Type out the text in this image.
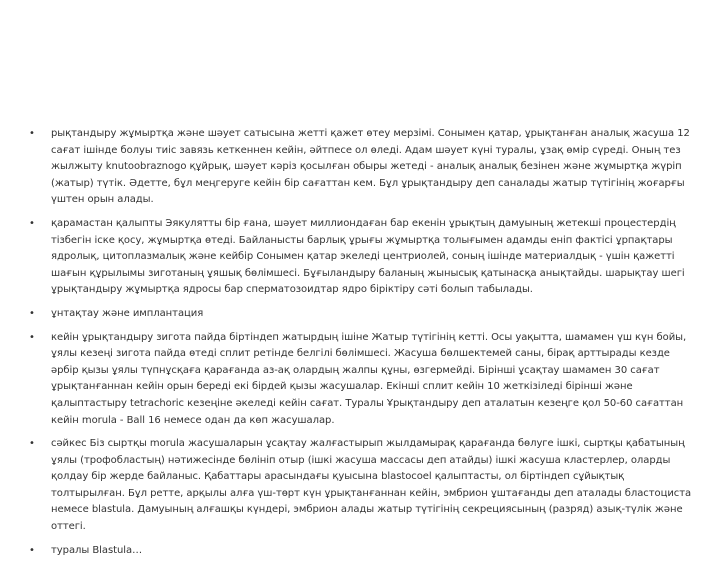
•	рықтандыру жұмыртқа және шәует сатысына жетті қажет өтеу мерзімі. Сонымен қатар, ұрықтанған аналық жасуша 12 сағат ішінде болуы тиіс завязь кеткеннен кейін, әйтпесе ол өледі. Адам шәует күні туралы, ұзақ өмір сүреді. Оның тез жылжыту knutoobraznogo құйрық, шәует кәріз қосылған обыры жетеді - аналық аналық безінен және жұмыртқа жүріп (жатыр) түтік. Әдетте, бұл меңгеруге кейін бір сағаттан кем. Бұл ұрықтандыру деп саналады жатыр түтігінің жоғарғы үштен орын алады.
•	қарамастан қалыпты Эякулятты бір ғана, шәует миллиондаған бар екенін ұрықтың дамуының жетекші процестердің тізбегін іске қосу, жұмыртқа өтеді. Байланысты барлық ұрығы жұмыртқа толығымен адамды еніп фактісі ұрпақтары ядролық, цитоплазмалық және кейбір Сонымен қатар экеледі центриолей, соның ішінде материалдық - үшін қажетті шағын құрылымы зиготаның ұяшық бөлімшесі. Бұғыландыру баланың жынысық қатынасқа анықтайды. шарықтау шегі ұрықтандыру жұмыртқа ядросы бар сперматозоидтар ядро біріктіру сәті болып табылады.
•	ұнтақтау және имплантация
•	кейін ұрықтандыру зигота пайда біртіндеп жатырдың ішіне Жатыр түтігінің кетті. Осы уақытта, шамамен үш күн бойы, ұялы кезеңі зигота пайда өтеді сплит ретінде белгілі бөлімшесі. Жасуша бөлшектемей саны, бірақ арттырады кезде әрбір қызы ұялы түпнұсқаға қарағанда аз-ақ олардың жалпы құны, өзгермейді. Бірінші ұсақтау шамамен 30 сағат ұрықтанғаннан кейін орын береді екі бірдей қызы жасушалар. Екінші сплит кейін 10 жеткізіледі бірінші және қалыптастыру tetrachoric кезеңіне әкеледі кейін сағат. Туралы Ұрықтандыру деп аталатын кезеңге қол 50-60 сағаттан кейін morula - Ball 16 немесе одан да көп жасушалар.
•	сәйкес Біз сыртқы morula жасушаларын ұсақтау жалғастырып жылдамырақ қарағанда бөлуге ішкі, сыртқы қабатының ұялы (трофобластың) нәтижесінде бөлініп отыр (ішкі жасуша массасы деп атайды) ішкі жасуша кластерлер, оларды қолдау бір жерде байланыс. Қабаттары арасындағы қуысына blastocoel қалыптасты, ол біртіндеп сұйықтық толтырылған. Бұл ретте, арқылы алға үш-төрт күн ұрықтанғаннан кейін, эмбрион ұштағанды деп аталады бластоциста немесе blastula. Дамуының алғашқы күндері, эмбрион алады жатыр түтігінің секрециясының (разряд) азық-түлік және оттегі.
•	туралы Blastula…
